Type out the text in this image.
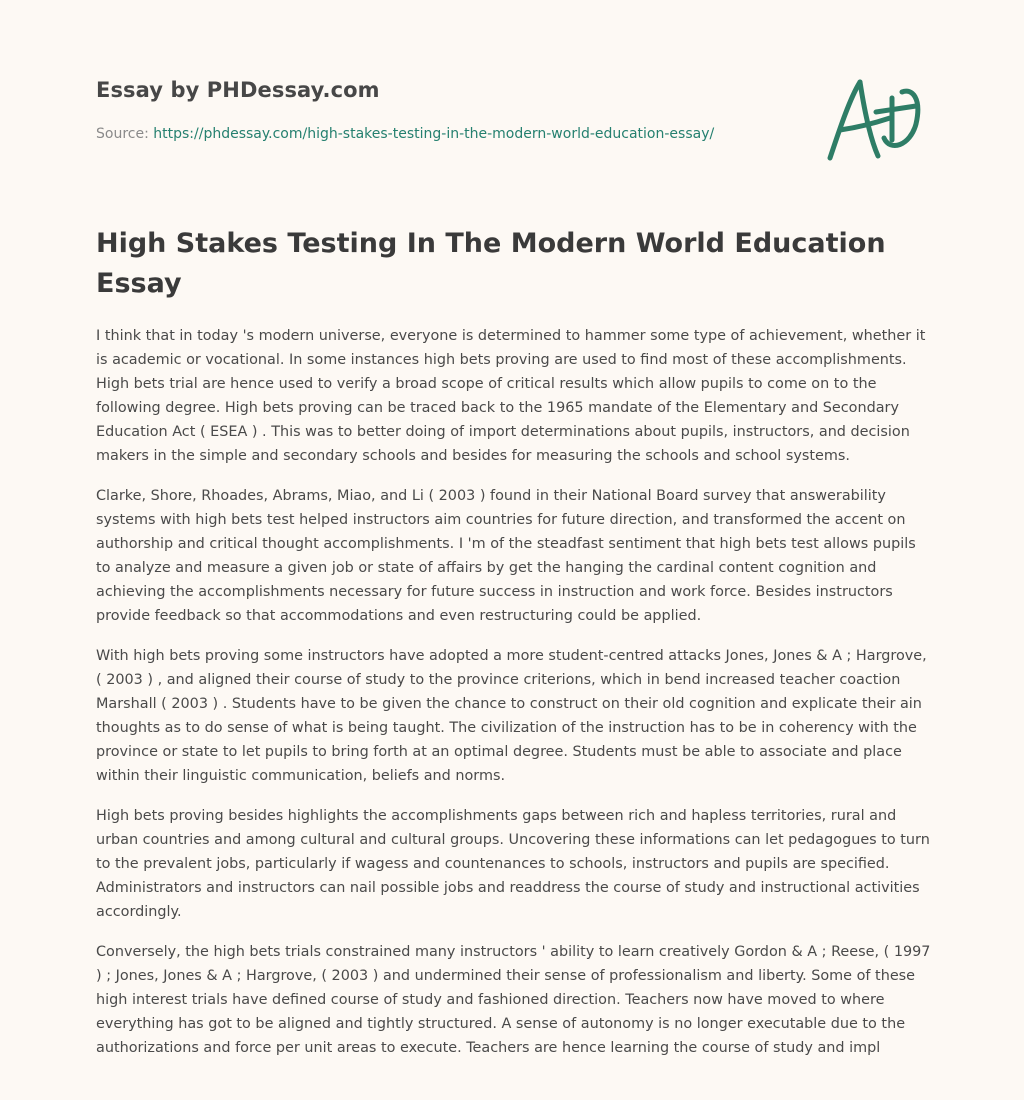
Essay by PHDessay.com
Source: https://phdessay.com/high-stakes-testing-in-the-modern-world-education-essay/
High Stakes Testing In The Modern World Education Essay

I think that in today 's modern universe, everyone is determined to hammer some type of achievement, whether it is academic or vocational. In some instances high bets proving are used to find most of these accomplishments. High bets trial are hence used to verify a broad scope of critical results which allow pupils to come on to the following degree. High bets proving can be traced back to the 1965 mandate of the Elementary and Secondary Education Act ( ESEA ) . This was to better doing of import determinations about pupils, instructors, and decision makers in the simple and secondary schools and besides for measuring the schools and school systems.

Clarke, Shore, Rhoades, Abrams, Miao, and Li ( 2003 ) found in their National Board survey that answerability systems with high bets test helped instructors aim countries for future direction, and transformed the accent on authorship and critical thought accomplishments. I 'm of the steadfast sentiment that high bets test allows pupils to analyze and measure a given job or state of affairs by get the hanging the cardinal content cognition and achieving the accomplishments necessary for future success in instruction and work force. Besides instructors provide feedback so that accommodations and even restructuring could be applied.

With high bets proving some instructors have adopted a more student-centred attacks Jones, Jones & A ; Hargrove, ( 2003 ) , and aligned their course of study to the province criterions, which in bend increased teacher coaction Marshall ( 2003 ) . Students have to be given the chance to construct on their old cognition and explicate their ain thoughts as to do sense of what is being taught. The civilization of the instruction has to be in coherency with the province or state to let pupils to bring forth at an optimal degree. Students must be able to associate and place within their linguistic communication, beliefs and norms.

High bets proving besides highlights the accomplishments gaps between rich and hapless territories, rural and urban countries and among cultural and cultural groups. Uncovering these informations can let pedagogues to turn to the prevalent jobs, particularly if wagess and countenances to schools, instructors and pupils are specified. Administrators and instructors can nail possible jobs and readdress the course of study and instructional activities accordingly.

Conversely, the high bets trials constrained many instructors ' ability to learn creatively Gordon & A ; Reese, ( 1997 ) ; Jones, Jones & A ; Hargrove, ( 2003 ) and undermined their sense of professionalism and liberty. Some of these high interest trials have defined course of study and fashioned direction. Teachers now have moved to where everything has got to be aligned and tightly structured. A sense of autonomy is no longer executable due to the authorizations and force per unit areas to execute. Teachers are hence learning the course of study and impl
